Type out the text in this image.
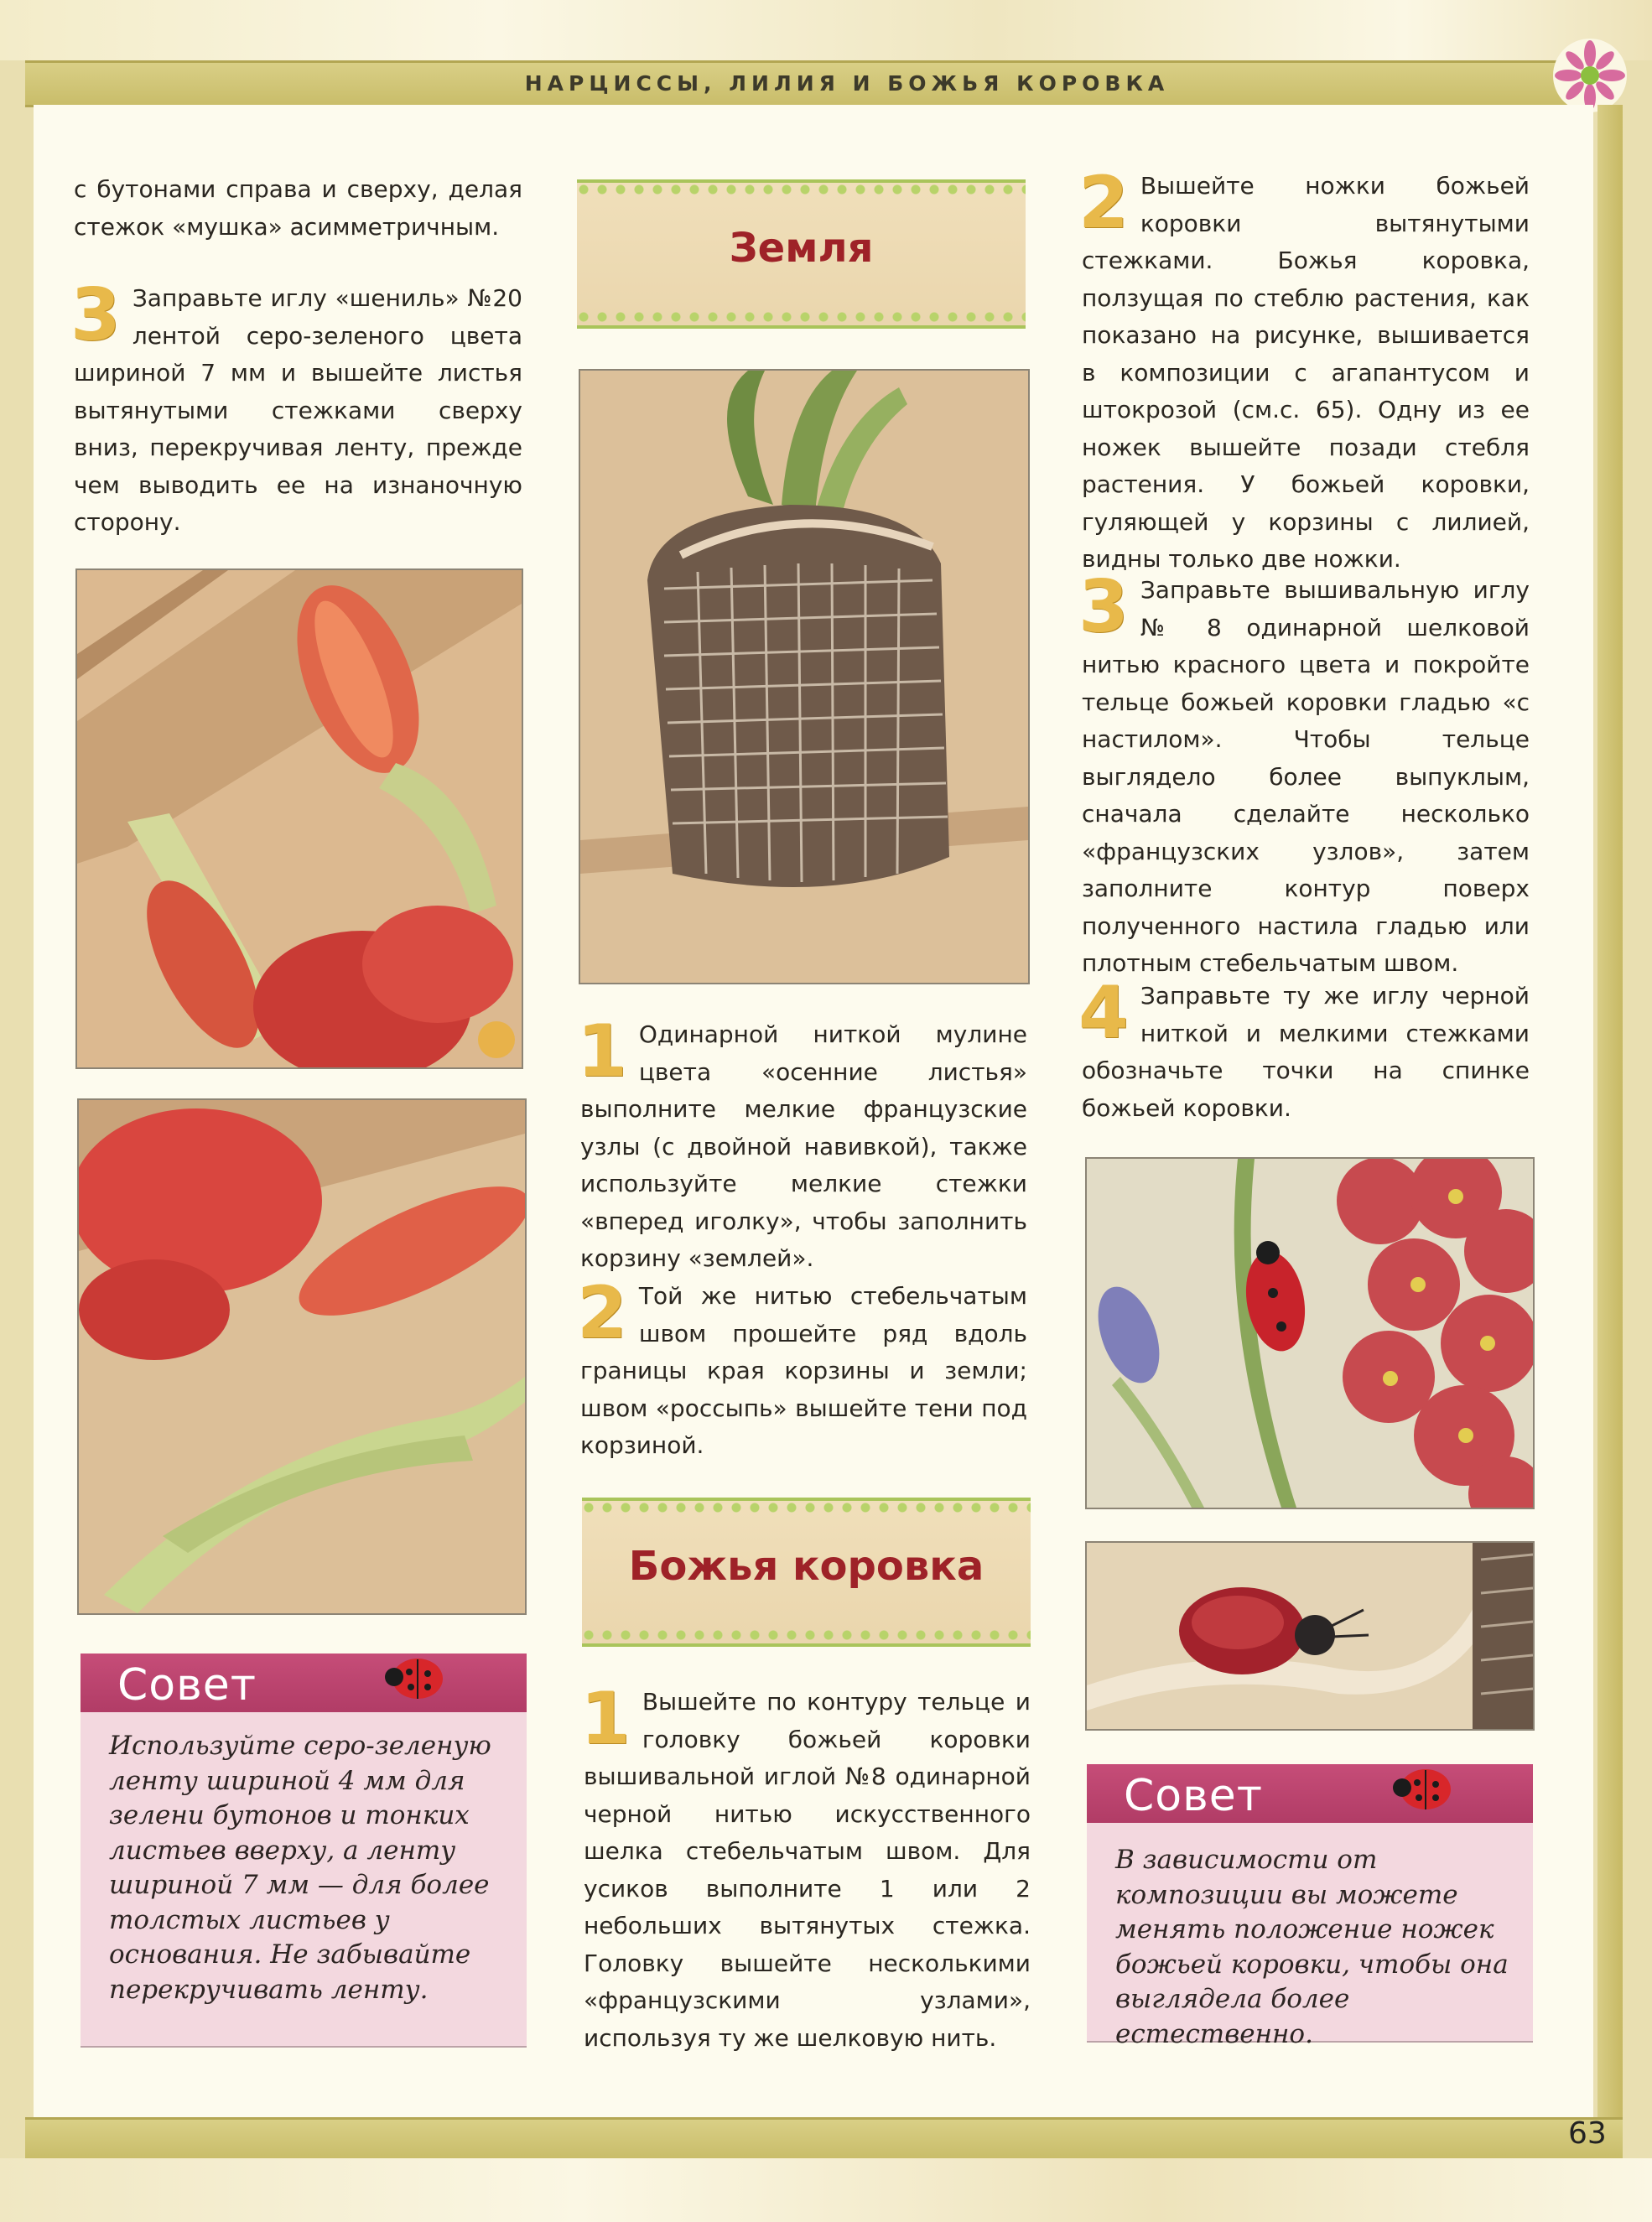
НАРЦИССЫ, ЛИЛИЯ И БОЖЬЯ КОРОВКА

с бутонами справа и сверху, делая стежок «мушка» асимметричным.

3 Заправьте иглу «шениль» №20 лентой серо-зеленого цвета шириной 7 мм и вышейте листья вытянутыми стежками сверху вниз, перекручивая ленту, прежде чем выводить ее на изнаночную сторону.
Совет

Используйте серо-зеленую ленту шириной 4 мм для зелени бутонов и тонких листьев вверху, а ленту шириной 7 мм — для более толстых листьев у основания. Не забывайте перекручивать ленту.

Земля
1 Одинарной ниткой мулине цвета «осенние листья» выполните мелкие французские узлы (с двойной навивкой), также используйте мелкие стежки «вперед иголку», чтобы заполнить корзину «землей».
2 Той же нитью стебельчатым швом прошейте ряд вдоль границы края корзины и земли; швом «россыпь» вышейте тени под корзиной.
Божья коровка
1 Вышейте по контуру тельце и головку божьей коровки вышивальной иглой №8 одинарной черной нитью искусственного шелка стебельчатым швом. Для усиков выполните 1 или 2 небольших вытянутых стежка. Головку вышейте несколькими «французскими узлами», используя ту же шелковую нить.
2 Вышейте ножки божьей коровки вытянутыми стежками. Божья коровка, ползущая по стеблю растения, как показано на рисунке, вышивается в композиции с агапантусом и штокрозой (см.с. 65). Одну из ее ножек вышейте позади стебля растения. У божьей коровки, гуляющей у корзины с лилией, видны только две ножки.
3 Заправьте вышивальную иглу № 8 одинарной шелковой нитью красного цвета и покройте тельце божьей коровки гладью «с настилом». Чтобы тельце выглядело более выпуклым, сначала сделайте несколько «французских узлов», затем заполните контур поверх полученного настила гладью или плотным стебельчатым швом.
4 Заправьте ту же иглу черной ниткой и мелкими стежками обозначьте точки на спинке божьей коровки.
Совет

В зависимости от композиции вы можете менять положение ножек божьей коровки, чтобы она выглядела более естественно.

63
